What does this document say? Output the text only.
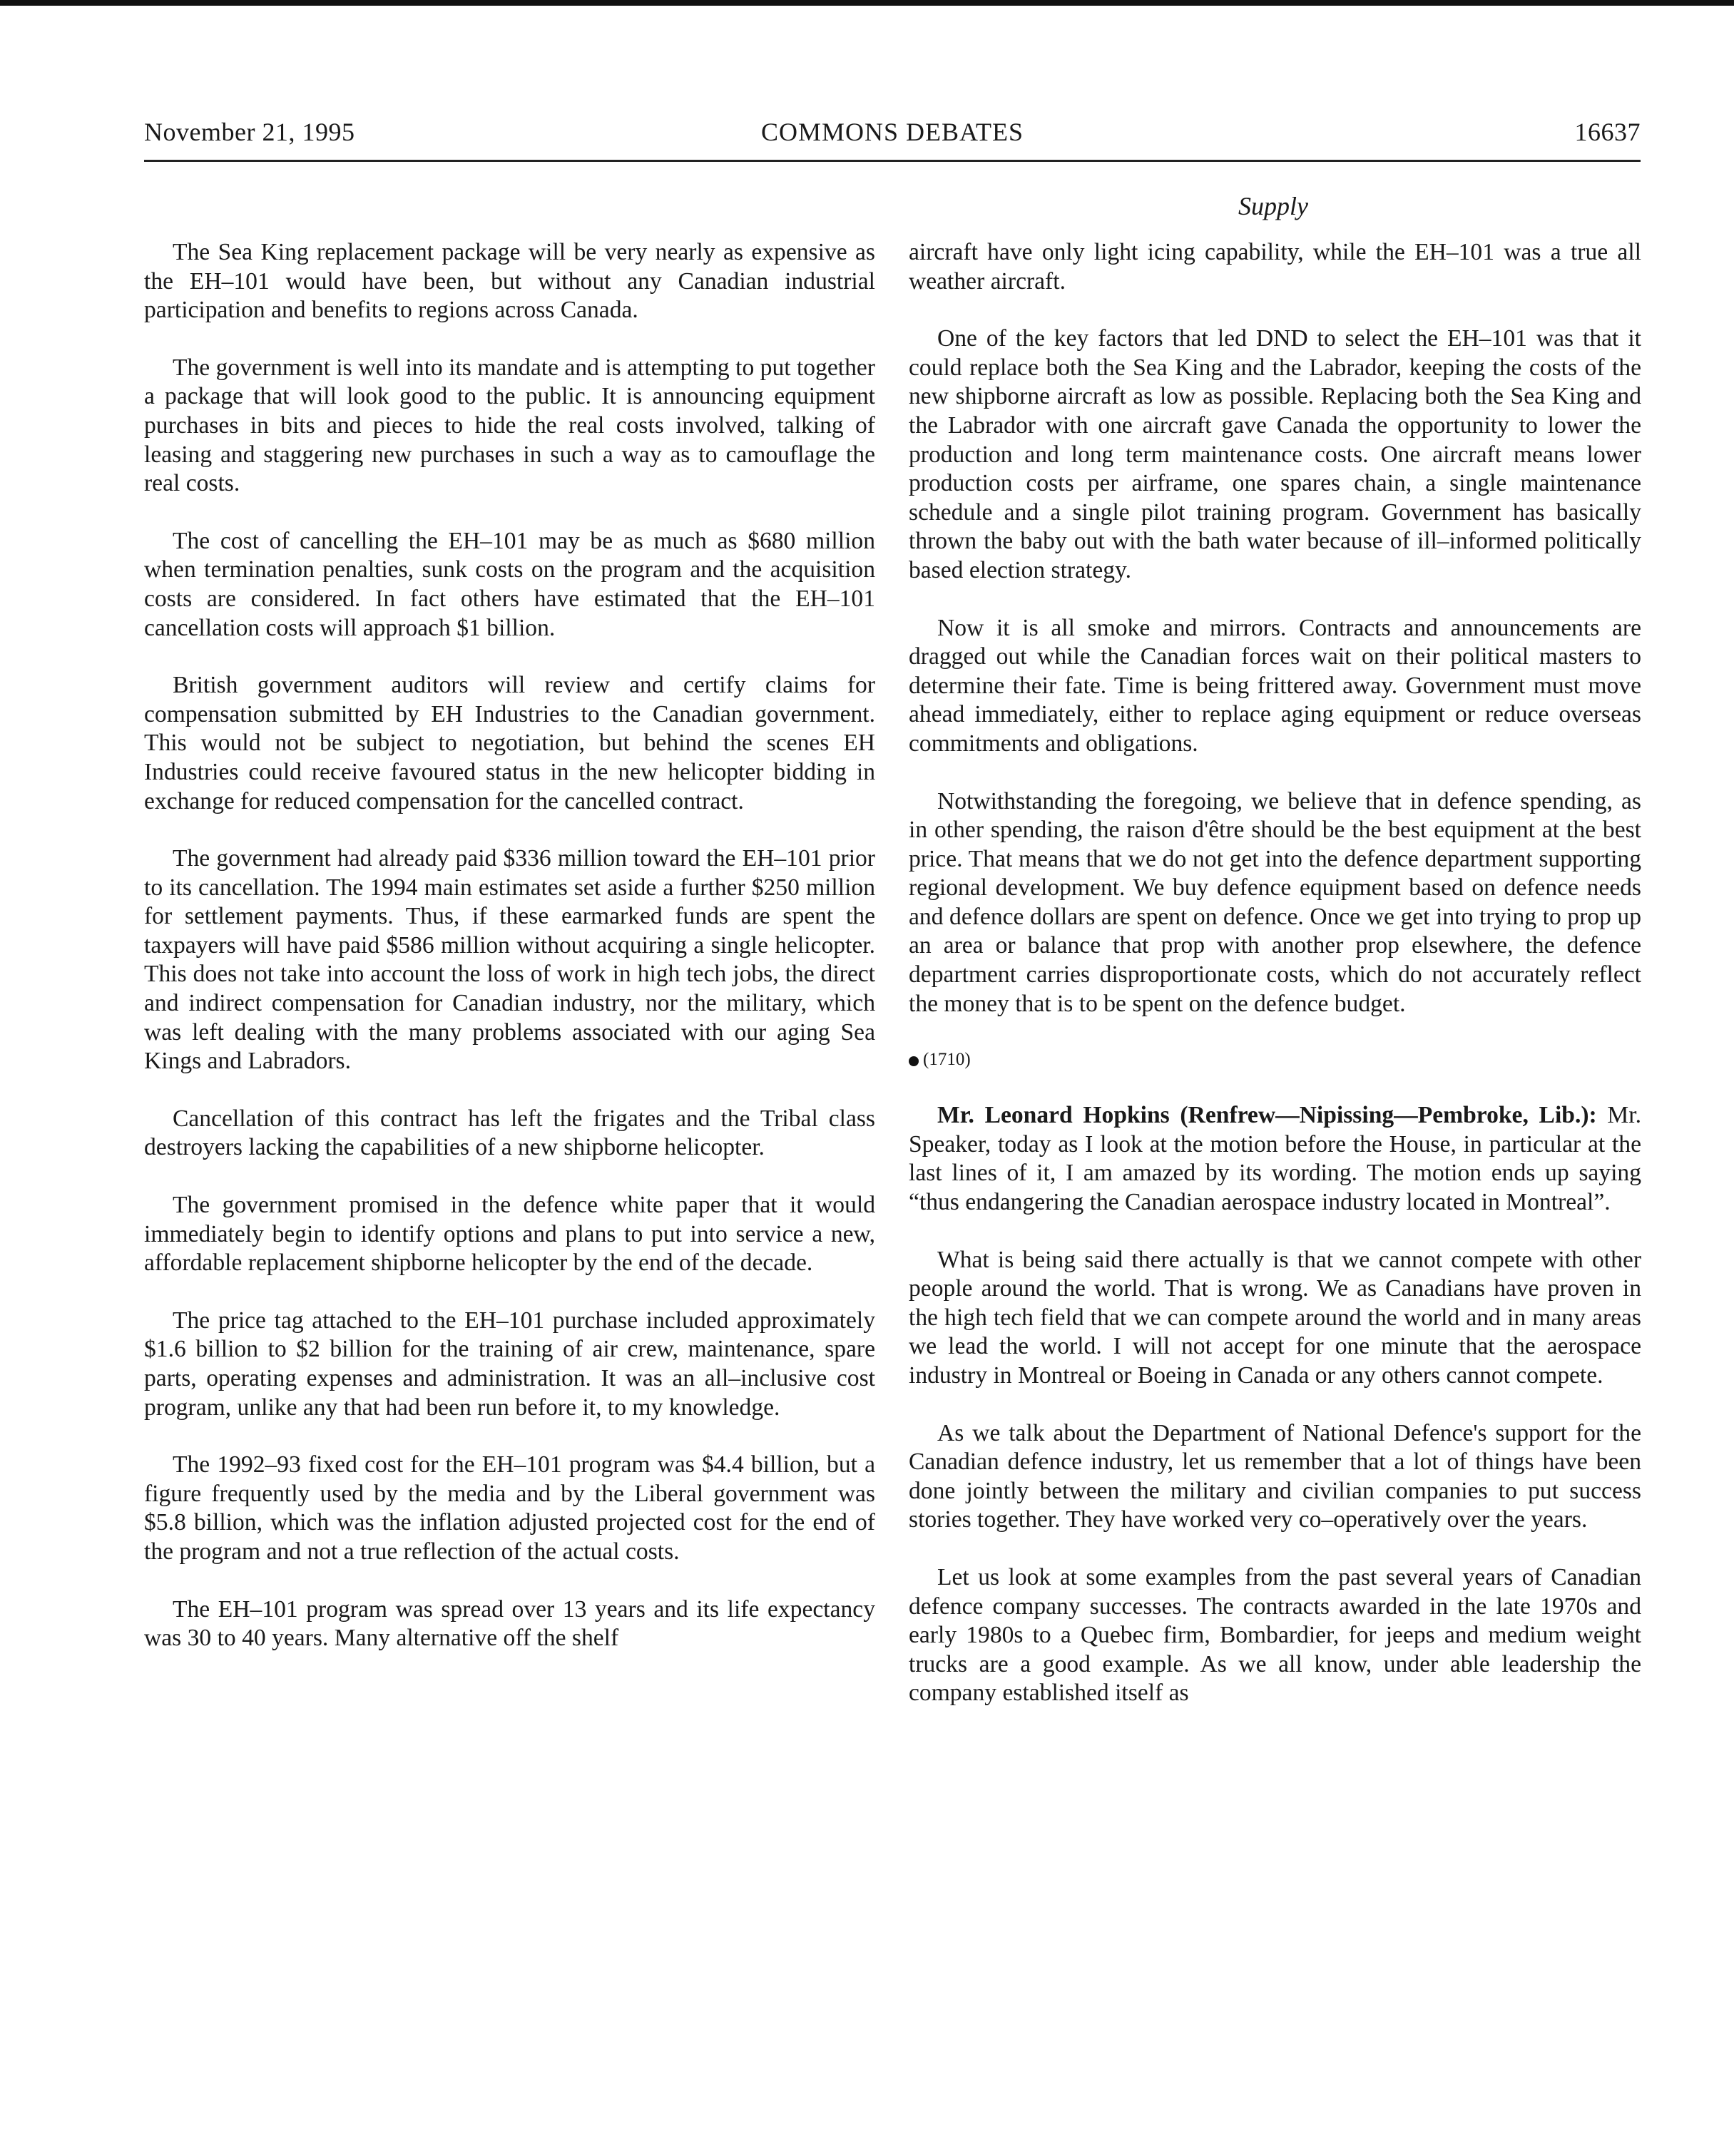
November 21, 1995	COMMONS DEBATES	16637
Supply

The Sea King replacement package will be very nearly as expensive as the EH–101 would have been, but without any Canadian industrial participation and benefits to regions across Canada.

The government is well into its mandate and is attempting to put together a package that will look good to the public. It is announcing equipment purchases in bits and pieces to hide the real costs involved, talking of leasing and staggering new purchases in such a way as to camouflage the real costs.

The cost of cancelling the EH–101 may be as much as $680 million when termination penalties, sunk costs on the program and the acquisition costs are considered. In fact others have estimated that the EH–101 cancellation costs will approach $1 billion.

British government auditors will review and certify claims for compensation submitted by EH Industries to the Canadian government. This would not be subject to negotiation, but behind the scenes EH Industries could receive favoured status in the new helicopter bidding in exchange for reduced compensation for the cancelled contract.

The government had already paid $336 million toward the EH–101 prior to its cancellation. The 1994 main estimates set aside a further $250 million for settlement payments. Thus, if these earmarked funds are spent the taxpayers will have paid $586 million without acquiring a single helicopter. This does not take into account the loss of work in high tech jobs, the direct and indirect compensation for Canadian industry, nor the military, which was left dealing with the many problems associated with our aging Sea Kings and Labradors.

Cancellation of this contract has left the frigates and the Tribal class destroyers lacking the capabilities of a new shipborne helicopter.

The government promised in the defence white paper that it would immediately begin to identify options and plans to put into service a new, affordable replacement shipborne helicopter by the end of the decade.

The price tag attached to the EH–101 purchase included approximately $1.6 billion to $2 billion for the training of air crew, maintenance, spare parts, operating expenses and administration. It was an all–inclusive cost program, unlike any that had been run before it, to my knowledge.

The 1992–93 fixed cost for the EH–101 program was $4.4 billion, but a figure frequently used by the media and by the Liberal government was $5.8 billion, which was the inflation adjusted projected cost for the end of the program and not a true reflection of the actual costs.

The EH–101 program was spread over 13 years and its life expectancy was 30 to 40 years. Many alternative off the shelf

aircraft have only light icing capability, while the EH–101 was a true all weather aircraft.

One of the key factors that led DND to select the EH–101 was that it could replace both the Sea King and the Labrador, keeping the costs of the new shipborne aircraft as low as possible. Replacing both the Sea King and the Labrador with one aircraft gave Canada the opportunity to lower the production and long term maintenance costs. One aircraft means lower production costs per airframe, one spares chain, a single maintenance schedule and a single pilot training program. Government has basically thrown the baby out with the bath water because of ill–informed politically based election strategy.

Now it is all smoke and mirrors. Contracts and announcements are dragged out while the Canadian forces wait on their political masters to determine their fate. Time is being frittered away. Government must move ahead immediately, either to replace aging equipment or reduce overseas commitments and obligations.

Notwithstanding the foregoing, we believe that in defence spending, as in other spending, the raison d'être should be the best equipment at the best price. That means that we do not get into the defence department supporting regional development. We buy defence equipment based on defence needs and defence dollars are spent on defence. Once we get into trying to prop up an area or balance that prop with another prop elsewhere, the defence department carries disproportionate costs, which do not accurately reflect the money that is to be spent on the defence budget.

(1710)

Mr. Leonard Hopkins (Renfrew—Nipissing—Pembroke, Lib.): Mr. Speaker, today as I look at the motion before the House, in particular at the last lines of it, I am amazed by its wording. The motion ends up saying “thus endangering the Canadian aerospace industry located in Montreal”.

What is being said there actually is that we cannot compete with other people around the world. That is wrong. We as Canadians have proven in the high tech field that we can compete around the world and in many areas we lead the world. I will not accept for one minute that the aerospace industry in Montreal or Boeing in Canada or any others cannot compete.

As we talk about the Department of National Defence's support for the Canadian defence industry, let us remember that a lot of things have been done jointly between the military and civilian companies to put success stories together. They have worked very co–operatively over the years.

Let us look at some examples from the past several years of Canadian defence company successes. The contracts awarded in the late 1970s and early 1980s to a Quebec firm, Bombardier, for jeeps and medium weight trucks are a good example. As we all know, under able leadership the company established itself as
